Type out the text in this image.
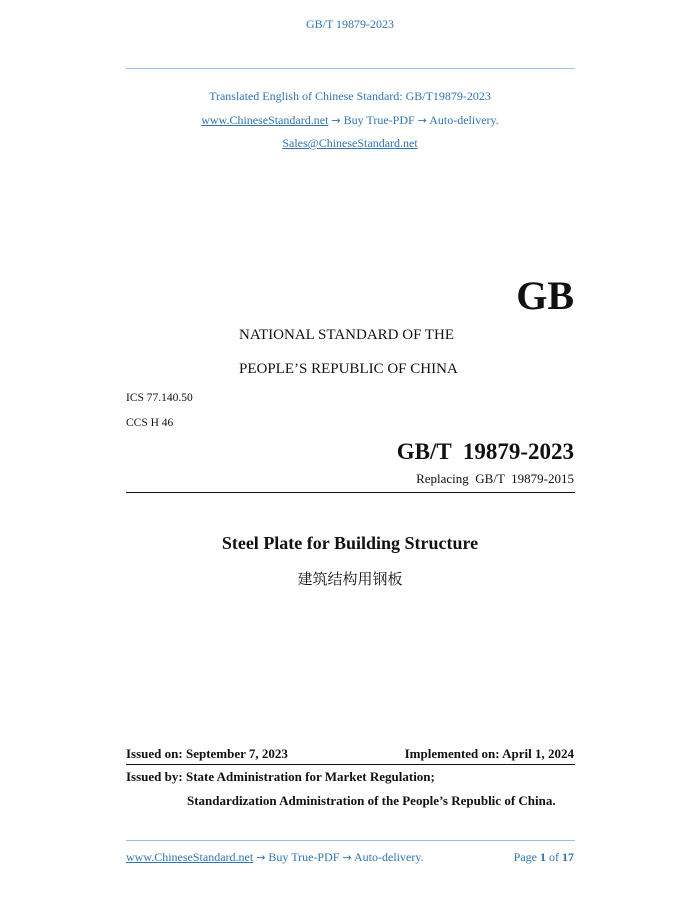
GB/T 19879-2023
Translated English of Chinese Standard: GB/T19879-2023
www.ChineseStandard.net → Buy True-PDF → Auto-delivery.
Sales@ChineseStandard.net
GB
NATIONAL STANDARD OF THE
PEOPLE’S REPUBLIC OF CHINA
ICS 77.140.50
CCS H 46
GB/T  19879-2023
Replacing  GB/T  19879-2015
Steel Plate for Building Structure
建筑结构用钢板
Issued on: September 7, 2023	Implemented on: April 1, 2024
Issued by: State Administration for Market Regulation;
Standardization Administration of the People’s Republic of China.
www.ChineseStandard.net → Buy True-PDF → Auto-delivery.	Page 1 of 17
